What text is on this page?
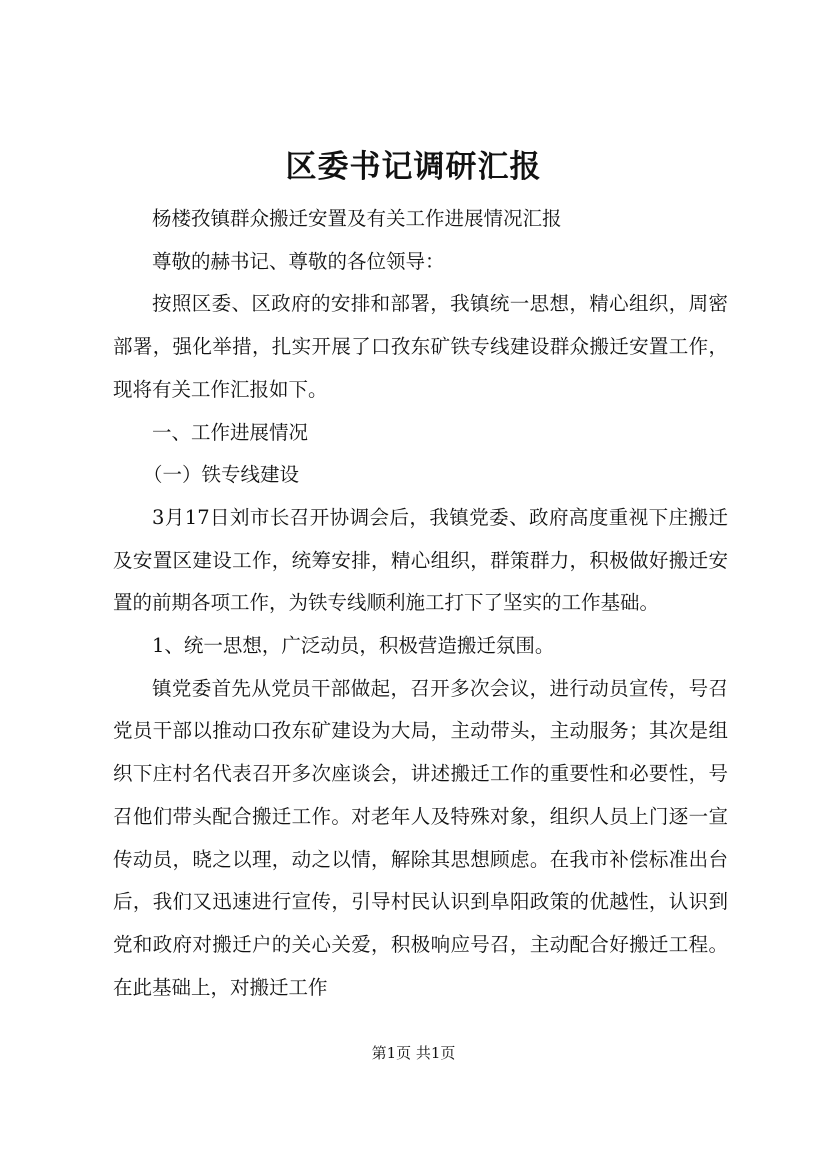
区委书记调研汇报

杨楼孜镇群众搬迁安置及有关工作进展情况汇报

尊敬的赫书记、尊敬的各位领导：

按照区委、区政府的安排和部署，我镇统一思想，精心组织，周密部署，强化举措，扎实开展了口孜东矿铁专线建设群众搬迁安置工作，现将有关工作汇报如下。

一、工作进展情况

（一）铁专线建设

3月17日刘市长召开协调会后，我镇党委、政府高度重视下庄搬迁及安置区建设工作，统筹安排，精心组织，群策群力，积极做好搬迁安置的前期各项工作，为铁专线顺利施工打下了坚实的工作基础。

1、统一思想，广泛动员，积极营造搬迁氛围。

镇党委首先从党员干部做起，召开多次会议，进行动员宣传，号召党员干部以推动口孜东矿建设为大局，主动带头，主动服务；其次是组织下庄村名代表召开多次座谈会，讲述搬迁工作的重要性和必要性，号召他们带头配合搬迁工作。对老年人及特殊对象，组织人员上门逐一宣传动员，晓之以理，动之以情，解除其思想顾虑。在我市补偿标准出台后，我们又迅速进行宣传，引导村民认识到阜阳政策的优越性，认识到党和政府对搬迁户的关心关爱，积极响应号召，主动配合好搬迁工程。在此基础上，对搬迁工作

第1页 共1页
